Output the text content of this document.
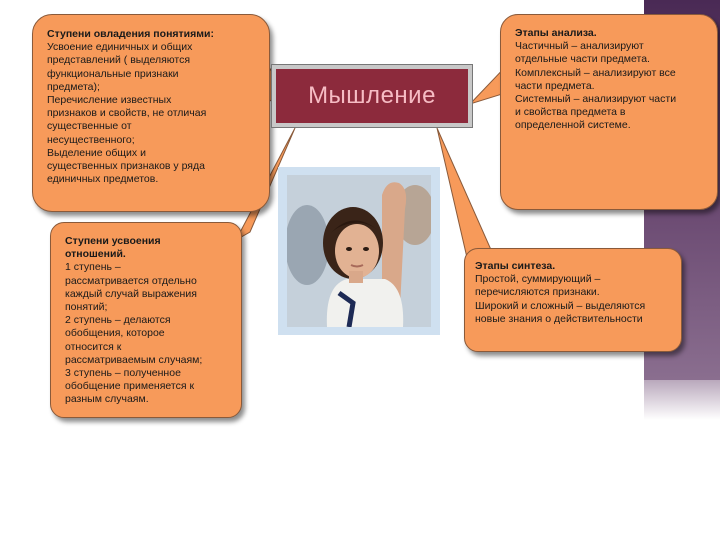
Ступени овладения понятиями:
Усвоение единичных и общих
представлений ( выделяются
функциональные признаки
предмета);
Перечисление известных
признаков и свойств, не отличая
существенные от
несущественного;
Выделение общих и
существенных признаков у ряда
единичных предметов.
Ступени усвоения
отношений.
1 ступень –
рассматривается отдельно
каждый случай выражения
понятий;
2 ступень – делаются
обобщения, которое
относится к
рассматриваемым случаям;
3 ступень – полученное
обобщение применяется к
разным случаям.
Этапы анализа.
Частичный – анализируют
отдельные части предмета.
Комплексный – анализируют все
части предмета.
Системный – анализируют части
и свойства предмета в
определенной системе.
Этапы синтеза.
Простой, суммирующий –
перечисляются признаки.
Широкий и сложный – выделяются
новые знания о действительности
Мышление
